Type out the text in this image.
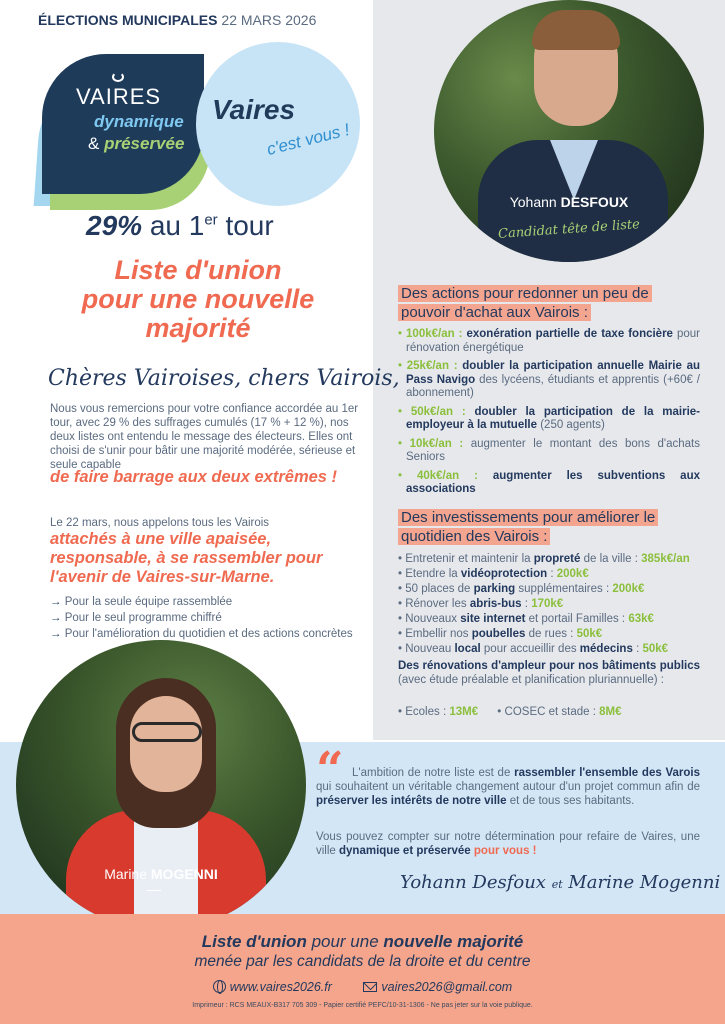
ÉLECTIONS MUNICIPALES 22 MARS 2026
VAIRES
dynamique
& préservée
Vaires
c'est vous !
29% au 1er tour
Liste d'union
pour une nouvelle
majorité
Chères Vairoises, chers Vairois,
Nous vous remercions pour votre confiance accordée au 1er tour, avec 29 % des suffrages cumulés (17 % + 12 %), nos deux listes ont entendu le message des électeurs. Elles ont choisi de s'unir pour bâtir une majorité modérée, sérieuse et seule capable
de faire barrage aux deux extrêmes !
Le 22 mars, nous appelons tous les Vairois
attachés à une ville apaisée, responsable, à se rassembler pour l'avenir de Vaires-sur-Marne.
→ Pour la seule équipe rassemblée
→ Pour le seul programme chiffré
→ Pour l'amélioration du quotidien et des actions concrètes
Yohann DESFOUX
Candidat tête de liste
Des actions pour redonner un peu de pouvoir d'achat aux Vairois :
• 100k€/an : exonération partielle de taxe foncière pour rénovation énergétique
• 25k€/an : doubler la participation annuelle Mairie au Pass Navigo des lycéens, étudiants et apprentis (+60€ / abonnement)
• 50k€/an : doubler la participation de la mairie-employeur à la mutuelle (250 agents)
• 10k€/an : augmenter le montant des bons d'achats Seniors
• 40k€/an : augmenter les subventions aux associations
Des investissements pour améliorer le quotidien des Vairois :
• Entretenir et maintenir la propreté de la ville : 385k€/an
• Etendre la vidéoprotection : 200k€
• 50 places de parking supplémentaires : 200k€
• Rénover les abris-bus : 170k€
• Nouveaux site internet et portail Familles : 63k€
• Embellir nos poubelles de rues : 50k€
• Nouveau local pour accueillir des médecins : 50k€
Des rénovations d'ampleur pour nos bâtiments publics (avec étude préalable et planification pluriannuelle) :
• Ecoles : 13M€      • COSEC et stade : 8M€
Marine MOGENNI
“ L'ambition de notre liste est de rassembler l'ensemble des Varois qui souhaitent un véritable changement autour d'un projet commun afin de préserver les intérêts de notre ville et de tous ses habitants.
Vous pouvez compter sur notre détermination pour refaire de Vaires, une ville dynamique et préservée pour vous !
Yohann Desfoux et Marine Mogenni
Liste d'union pour une nouvelle majorité
menée par les candidats de la droite et du centre
www.vaires2026.fr	vaires2026@gmail.com
Imprimeur : RCS MEAUX-B317 705 309 - Papier certifié PEFC/10-31-1306 - Ne pas jeter sur la voie publique.
